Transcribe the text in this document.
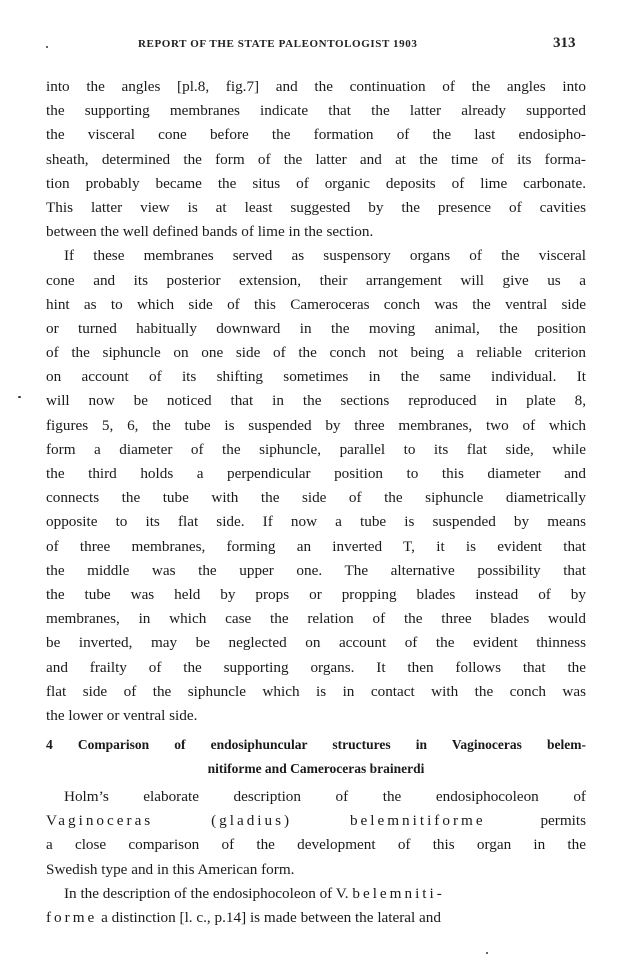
REPORT OF THE STATE PALEONTOLOGIST 1903	313
into the angles [pl.8, fig.7] and the continuation of the angles into
the supporting membranes indicate that the latter already supported
the visceral cone before the formation of the last endosipho-
sheath, determined the form of the latter and at the time of its forma-
tion probably became the situs of organic deposits of lime carbonate.
This latter view is at least suggested by the presence of cavities
between the well defined bands of lime in the section.
If these membranes served as suspensory organs of the visceral
cone and its posterior extension, their arrangement will give us a
hint as to which side of this Cameroceras conch was the ventral side
or turned habitually downward in the moving animal, the position
of the siphuncle on one side of the conch not being a reliable criterion
on account of its shifting sometimes in the same individual. It
will now be noticed that in the sections reproduced in plate 8,
figures 5, 6, the tube is suspended by three membranes, two of which
form a diameter of the siphuncle, parallel to its flat side, while
the third holds a perpendicular position to this diameter and
connects the tube with the side of the siphuncle diametrically
opposite to its flat side. If now a tube is suspended by means
of three membranes, forming an inverted T, it is evident that
the middle was the upper one. The alternative possibility that
the tube was held by props or propping blades instead of by
membranes, in which case the relation of the three blades would
be inverted, may be neglected on account of the evident thinness
and frailty of the supporting organs. It then follows that the
flat side of the siphuncle which is in contact with the conch was
the lower or ventral side.
4 Comparison of endosiphuncular structures in Vaginoceras belem-
nitiforme and Cameroceras brainerdi
Holm’s elaborate description of the endosiphocoleon of
Vaginoceras (gladius) belemnitiforme permits
a close comparison of the development of this organ in the
Swedish type and in this American form.
In the description of the endosiphocoleon of V. belemniti-
forme a distinction [l. c., p.14] is made between the lateral and
